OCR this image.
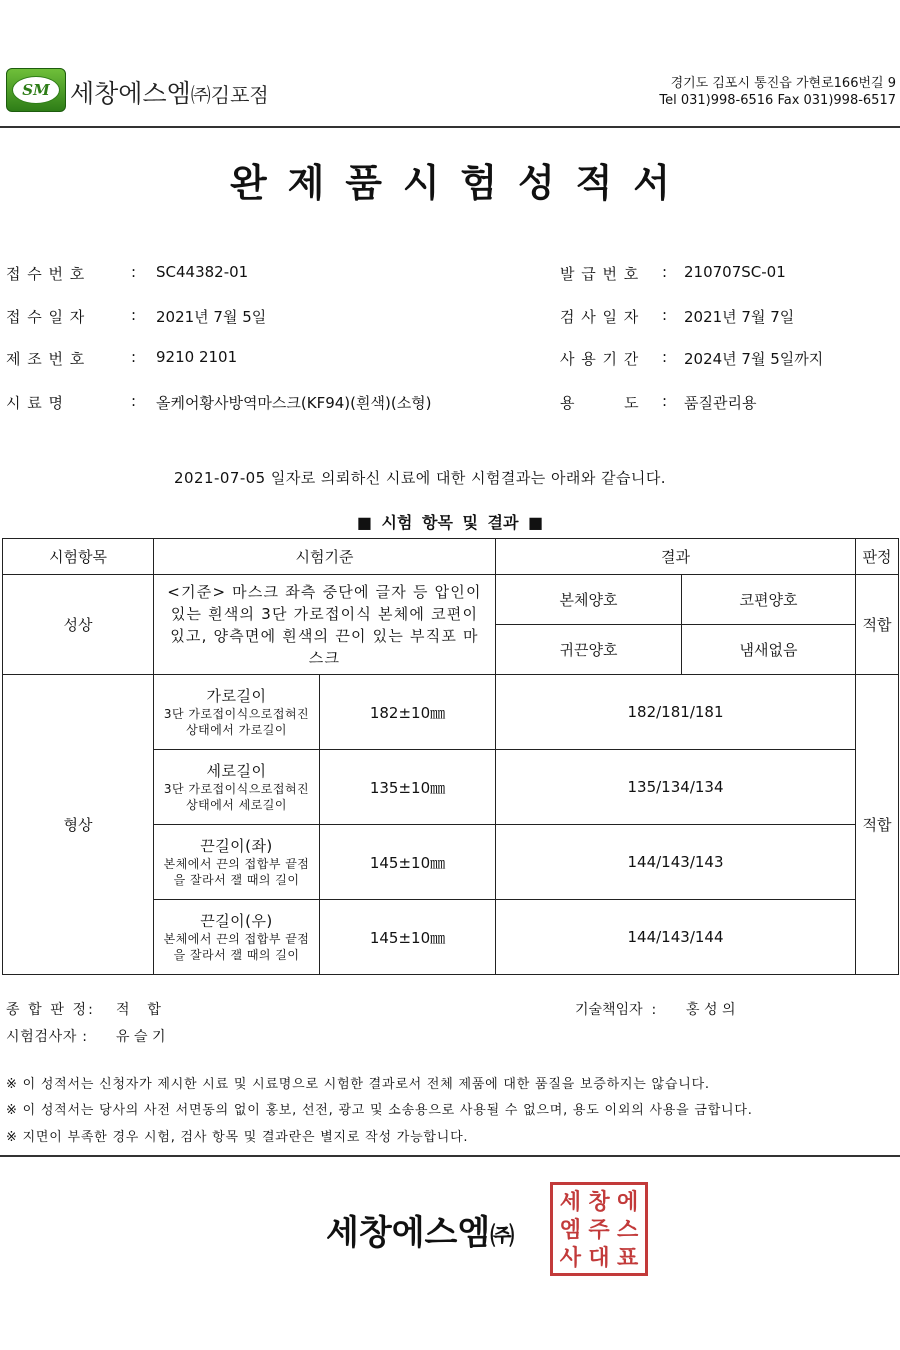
SM 세창에스엠㈜김포점	경기도 김포시 통진읍 가현로166번길 9
Tel 031)998-6516 Fax 031)998-6517
완제품시험성적서
접수번호	: SC44382-01
접수일자	: 2021년 7월 5일
제조번호	: 9210 2101
시료명	: 올케어황사방역마스크(KF94)(흰색)(소형)
발급번호 : 210707SC-01
검사일자 : 2021년 7월 7일
사용기간 : 2024년 7월 5일까지
용      도 : 품질관리용
2021-07-05 일자로 의뢰하신 시료에 대한 시험결과는 아래와 같습니다.
■ 시험 항목 및 결과 ■
시험항목	시험기준		결과		판정
성상	<기준> 마스크 좌측 중단에 글자 등 압인이
있는 흰색의 3단 가로접이식 본체에 코편이
있고, 양측면에 흰색의 끈이 있는 부직포 마
스크		본체양호	코편양호	적합
			귀끈양호	냄새없음	
형상	가로길이
3단 가로접이식으로접혀진
상태에서 가로길이	182±10㎜	182/181/181		적합

	세로길이
3단 가로접이식으로접혀진
상태에서 세로길이	135±10㎜	135/134/134		

	끈길이(좌)
본체에서 끈의 접합부 끝점
을 잘라서 잴 때의 길이	145±10㎜	144/143/143		

	끈길이(우)
본체에서 끈의 접합부 끝점
을 잘라서 잴 때의 길이	145±10㎜	144/143/144		
종 합 판 정: 적    합	기술책임자  : 홍 성 의
시험검사자 : 유 슬 기
※ 이 성적서는 신청자가 제시한 시료 및 시료명으로 시험한 결과로서 전체 제품에 대한 품질을 보증하지는 않습니다.
※ 이 성적서는 당사의 사전 서면동의 없이 홍보, 선전, 광고 및 소송용으로 사용될 수 없으며, 용도 이외의 사용을 금합니다.
※ 지면이 부족한 경우 시험, 검사 항목 및 결과란은 별지로 작성 가능합니다.
세창에스엠㈜
세 창 에
엠 주 스
사 대 표
